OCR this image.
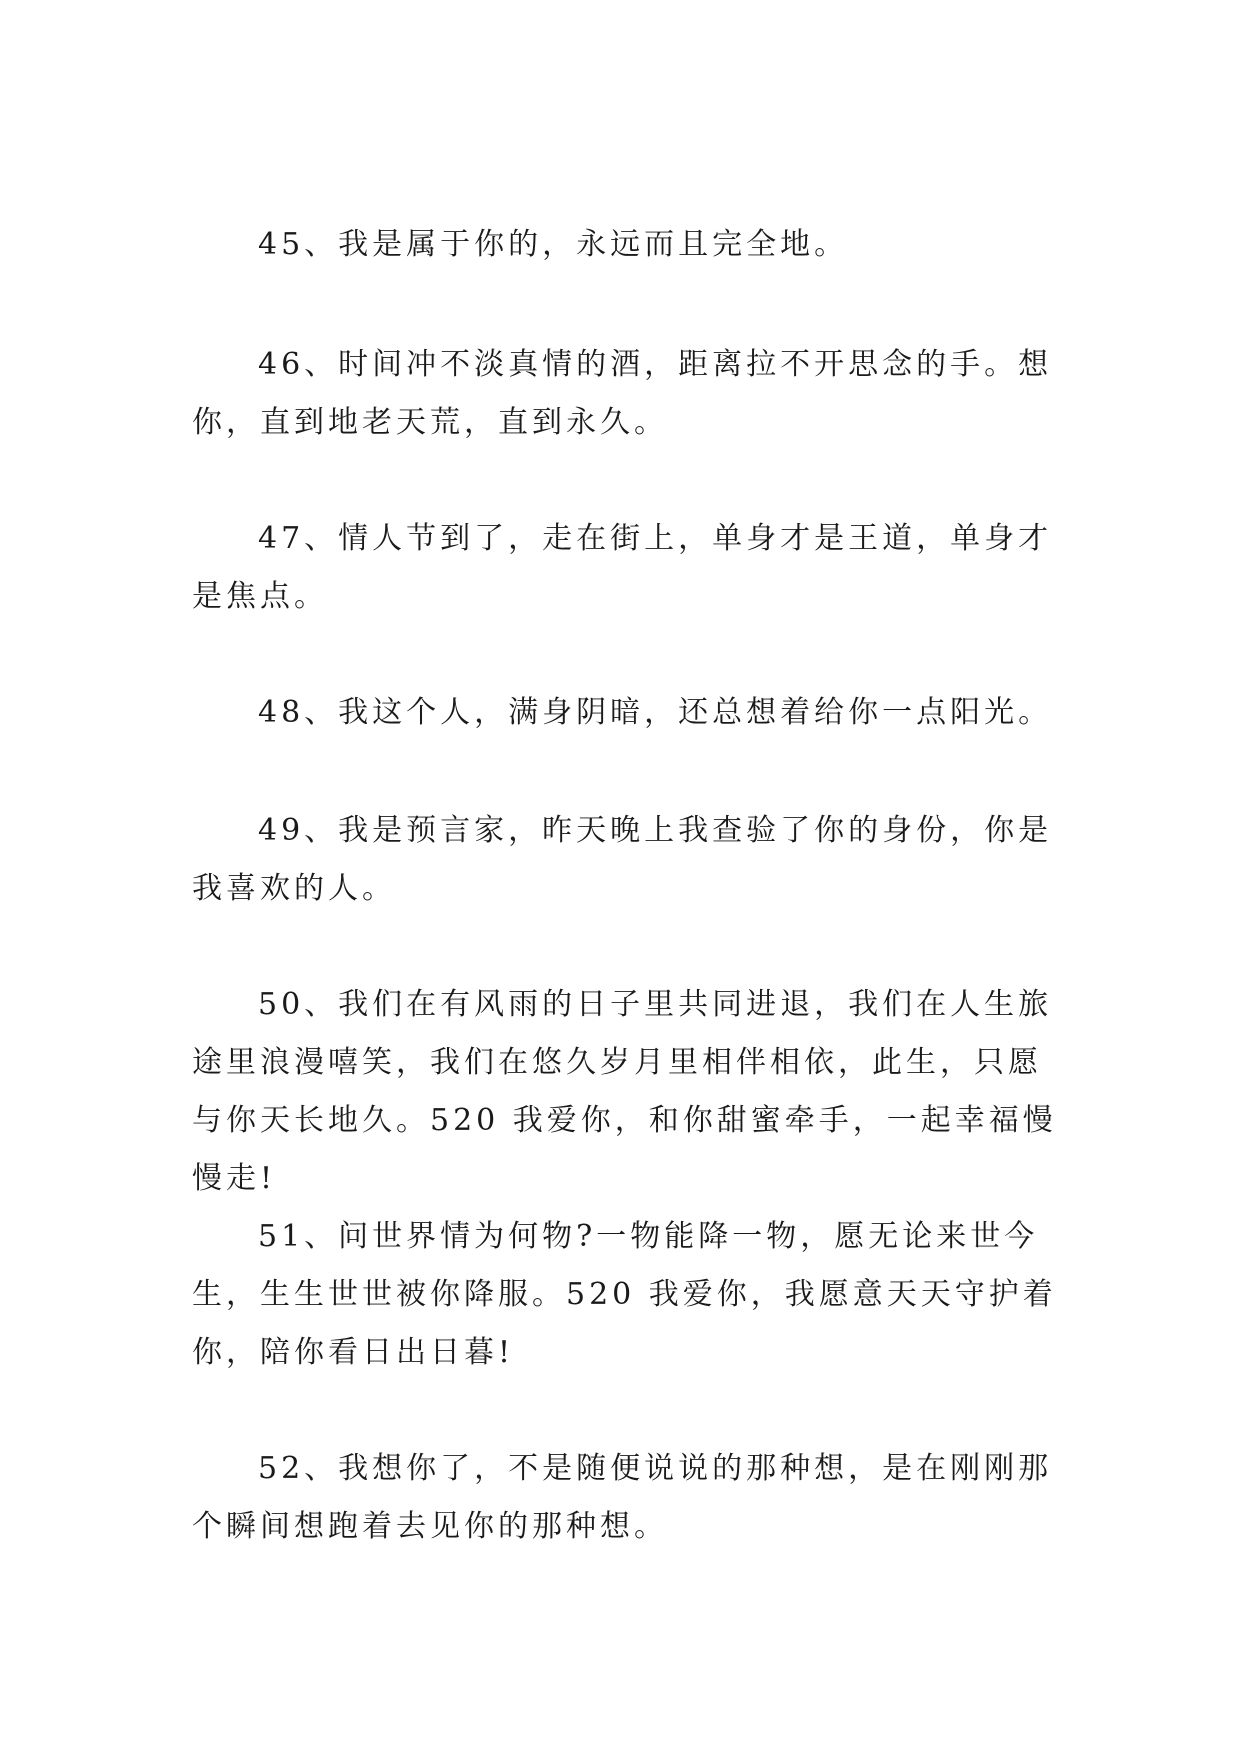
45、我是属于你的，永远而且完全地。

46、时间冲不淡真情的酒，距离拉不开思念的手。想你，直到地老天荒，直到永久。

47、情人节到了，走在街上，单身才是王道，单身才是焦点。

48、我这个人，满身阴暗，还总想着给你一点阳光。

49、我是预言家，昨天晚上我查验了你的身份，你是我喜欢的人。

50、我们在有风雨的日子里共同进退，我们在人生旅途里浪漫嘻笑，我们在悠久岁月里相伴相依，此生，只愿与你天长地久。520 我爱你，和你甜蜜牵手，一起幸福慢慢走!

51、问世界情为何物?一物能降一物，愿无论来世今生，生生世世被你降服。520 我爱你，我愿意天天守护着你，陪你看日出日暮!

52、我想你了，不是随便说说的那种想，是在刚刚那个瞬间想跑着去见你的那种想。
